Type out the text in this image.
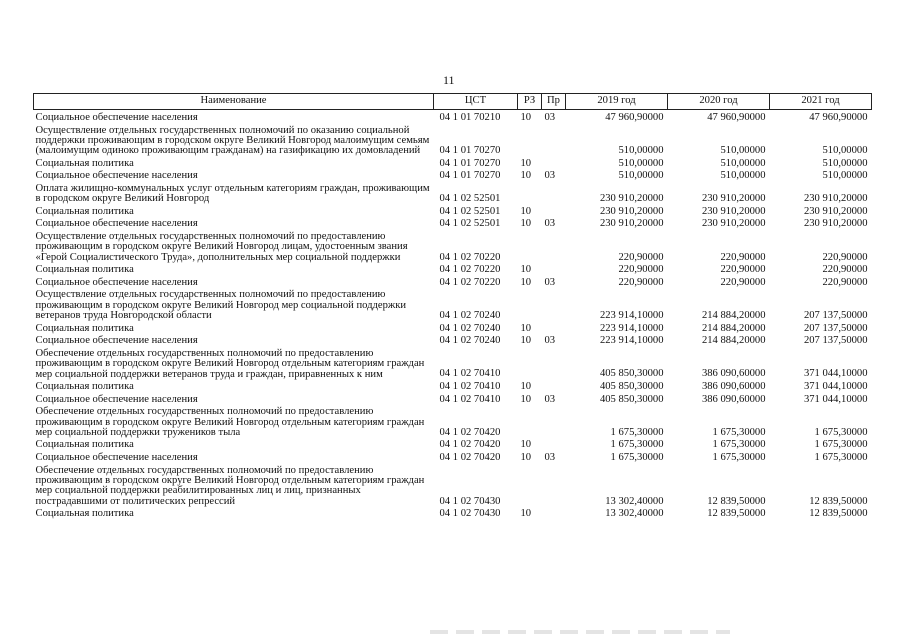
11
Наименование	ЦСТ	РЗ	Пр	2019 год	2020 год	2021 год
Социальное обеспечение населения	04 1 01 70210	10	03	47 960,90000	47 960,90000	47 960,90000
Осуществление отдельных государственных полномочий по оказанию социальной поддержки проживающим в городском округе Великий Новгород малоимущим семьям (малоимущим одиноко проживающим гражданам) на газификацию их домовладений	04 1 01 70270			510,00000	510,00000	510,00000
Социальная политика	04 1 01 70270	10		510,00000	510,00000	510,00000
Социальное обеспечение населения	04 1 01 70270	10	03	510,00000	510,00000	510,00000
Оплата жилищно-коммунальных услуг отдельным категориям граждан, проживающим в городском округе Великий Новгород	04 1 02 52501			230 910,20000	230 910,20000	230 910,20000
Социальная политика	04 1 02 52501	10		230 910,20000	230 910,20000	230 910,20000
Социальное обеспечение населения	04 1 02 52501	10	03	230 910,20000	230 910,20000	230 910,20000
Осуществление отдельных государственных полномочий по предоставлению проживающим в городском округе Великий Новгород лицам, удостоенным звания «Герой Социалистического Труда», дополнительных мер социальной поддержки	04 1 02 70220			220,90000	220,90000	220,90000
Социальная политика	04 1 02 70220	10		220,90000	220,90000	220,90000
Социальное обеспечение населения	04 1 02 70220	10	03	220,90000	220,90000	220,90000
Осуществление отдельных государственных полномочий по предоставлению проживающим в городском округе Великий Новгород мер социальной поддержки ветеранов труда Новгородской области	04 1 02 70240			223 914,10000	214 884,20000	207 137,50000
Социальная политика	04 1 02 70240	10		223 914,10000	214 884,20000	207 137,50000
Социальное обеспечение населения	04 1 02 70240	10	03	223 914,10000	214 884,20000	207 137,50000
Обеспечение отдельных государственных полномочий по предоставлению проживающим в городском округе Великий Новгород отдельным категориям граждан мер социальной поддержки ветеранов труда и граждан, приравненных к ним	04 1 02 70410			405 850,30000	386 090,60000	371 044,10000
Социальная политика	04 1 02 70410	10		405 850,30000	386 090,60000	371 044,10000
Социальное обеспечение населения	04 1 02 70410	10	03	405 850,30000	386 090,60000	371 044,10000
Обеспечение отдельных государственных полномочий по предоставлению проживающим в городском округе Великий Новгород отдельным категориям граждан мер социальной поддержки тружеников тыла	04 1 02 70420			1 675,30000	1 675,30000	1 675,30000
Социальная политика	04 1 02 70420	10		1 675,30000	1 675,30000	1 675,30000
Социальное обеспечение населения	04 1 02 70420	10	03	1 675,30000	1 675,30000	1 675,30000
Обеспечение отдельных государственных полномочий по предоставлению проживающим в городском округе Великий Новгород отдельным категориям граждан мер социальной поддержки реабилитированных лиц и лиц, признанных пострадавшими от политических репрессий	04 1 02 70430			13 302,40000	12 839,50000	12 839,50000
Социальная политика	04 1 02 70430	10		13 302,40000	12 839,50000	12 839,50000
